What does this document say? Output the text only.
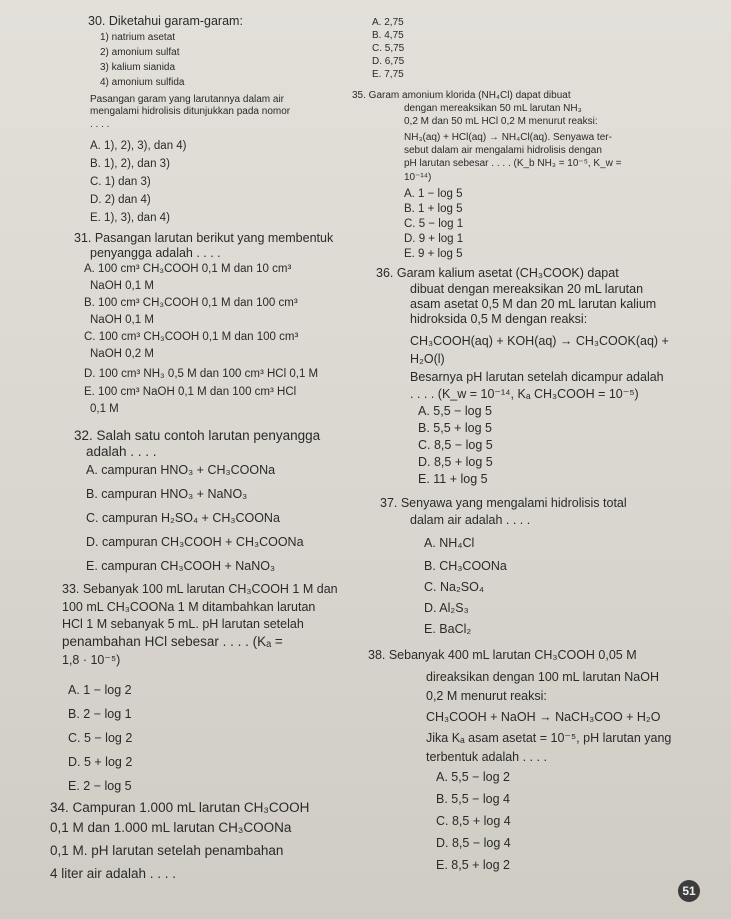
30. Diketahui garam-garam:
1) natrium asetat
2) amonium sulfat
3) kalium sianida
4) amonium sulfida
Pasangan garam yang larutannya dalam air
mengalami hidrolisis ditunjukkan pada nomor
. . . .
A. 1), 2), 3), dan 4)
B. 1), 2), dan 3)
C. 1) dan 3)
D. 2) dan 4)
E. 1), 3), dan 4)
31. Pasangan larutan berikut yang membentuk
penyangga adalah . . . .
A. 100 cm³ CH₃COOH 0,1 M dan 10 cm³
NaOH 0,1 M
B. 100 cm³ CH₃COOH 0,1 M dan 100 cm³
NaOH 0,1 M
C. 100 cm³ CH₃COOH 0,1 M dan 100 cm³
NaOH 0,2 M
D. 100 cm³ NH₃ 0,5 M dan 100 cm³ HCl 0,1 M
E. 100 cm³ NaOH 0,1 M dan 100 cm³ HCl
0,1 M
32. Salah satu contoh larutan penyangga
adalah . . . .
A. campuran HNO₃ + CH₃COONa
B. campuran HNO₃ + NaNO₃
C. campuran H₂SO₄ + CH₃COONa
D. campuran CH₃COOH + CH₃COONa
E. campuran CH₃COOH + NaNO₃
33. Sebanyak 100 mL larutan CH₃COOH 1 M dan
100 mL CH₃COONa 1 M ditambahkan larutan
HCl 1 M sebanyak 5 mL. pH larutan setelah
penambahan HCl sebesar . . . . (Kₐ =
1,8 · 10⁻⁵)
A. 1 − log 2
B. 2 − log 1
C. 5 − log 2
D. 5 + log 2
E. 2 − log 5
34. Campuran 1.000 mL larutan CH₃COOH
0,1 M dan 1.000 mL larutan CH₃COONa
0,1 M. pH larutan setelah penambahan
4 liter air adalah . . . .
A. 2,75
B. 4,75
C. 5,75
D. 6,75
E. 7,75
35. Garam amonium klorida (NH₄Cl) dapat dibuat
dengan mereaksikan 50 mL larutan NH₃
0,2 M dan 50 mL HCl 0,2 M menurut reaksi:
NH₃(aq) + HCl(aq) → NH₄Cl(aq). Senyawa ter-
sebut dalam air mengalami hidrolisis dengan
pH larutan sebesar . . . . (K_b NH₃ = 10⁻⁵, K_w =
10⁻¹⁴)
A. 1 − log 5
B. 1 + log 5
C. 5 − log 1
D. 9 + log 1
E. 9 + log 5
36. Garam kalium asetat (CH₃COOK) dapat
dibuat dengan mereaksikan 20 mL larutan
asam asetat 0,5 M dan 20 mL larutan kalium
hidroksida 0,5 M dengan reaksi:
CH₃COOH(aq) + KOH(aq) → CH₃COOK(aq) +
H₂O(l)
Besarnya pH larutan setelah dicampur adalah
. . . . (K_w = 10⁻¹⁴, Kₐ CH₃COOH = 10⁻⁵)
A. 5,5 − log 5
B. 5,5 + log 5
C. 8,5 − log 5
D. 8,5 + log 5
E. 11 + log 5
37. Senyawa yang mengalami hidrolisis total
dalam air adalah . . . .
A. NH₄Cl
B. CH₃COONa
C. Na₂SO₄
D. Al₂S₃
E. BaCl₂
38. Sebanyak 400 mL larutan CH₃COOH 0,05 M
direaksikan dengan 100 mL larutan NaOH
0,2 M menurut reaksi:
CH₃COOH + NaOH → NaCH₃COO + H₂O
Jika Kₐ asam asetat = 10⁻⁵, pH larutan yang
terbentuk adalah . . . .
A. 5,5 − log 2
B. 5,5 − log 4
C. 8,5 + log 4
D. 8,5 − log 4
E. 8,5 + log 2
51
